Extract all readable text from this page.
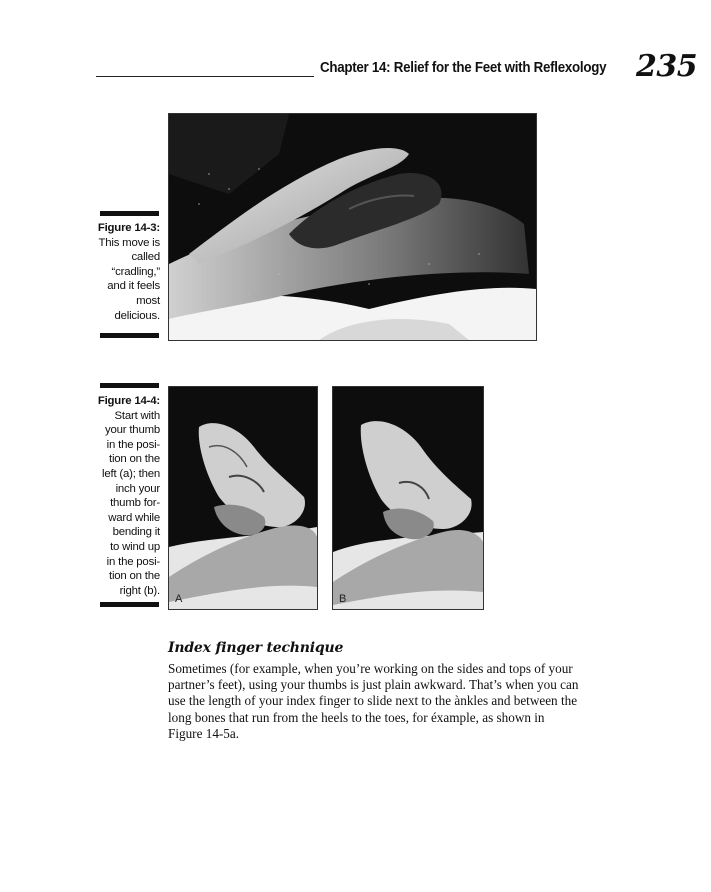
Chapter 14: Relief for the Feet with Reflexology 235
Figure 14-3:
This move is
called
“cradling,”
and it feels
most
delicious.
Figure 14-4:
Start with
your thumb
in the posi-
tion on the
left (a); then
inch your
thumb for-
ward while
bending it
to wind up
in the posi-
tion on the
right (b).
A	B
Index finger technique
Sometimes (for example, when you’re working on the sides and tops of your
partner’s feet), using your thumbs is just plain awkward. That’s when you can
use the length of your index finger to slide next to the ànkles and between the
long bones that run from the heels to the toes, for éxample, as shown in
Figure 14-5a.
